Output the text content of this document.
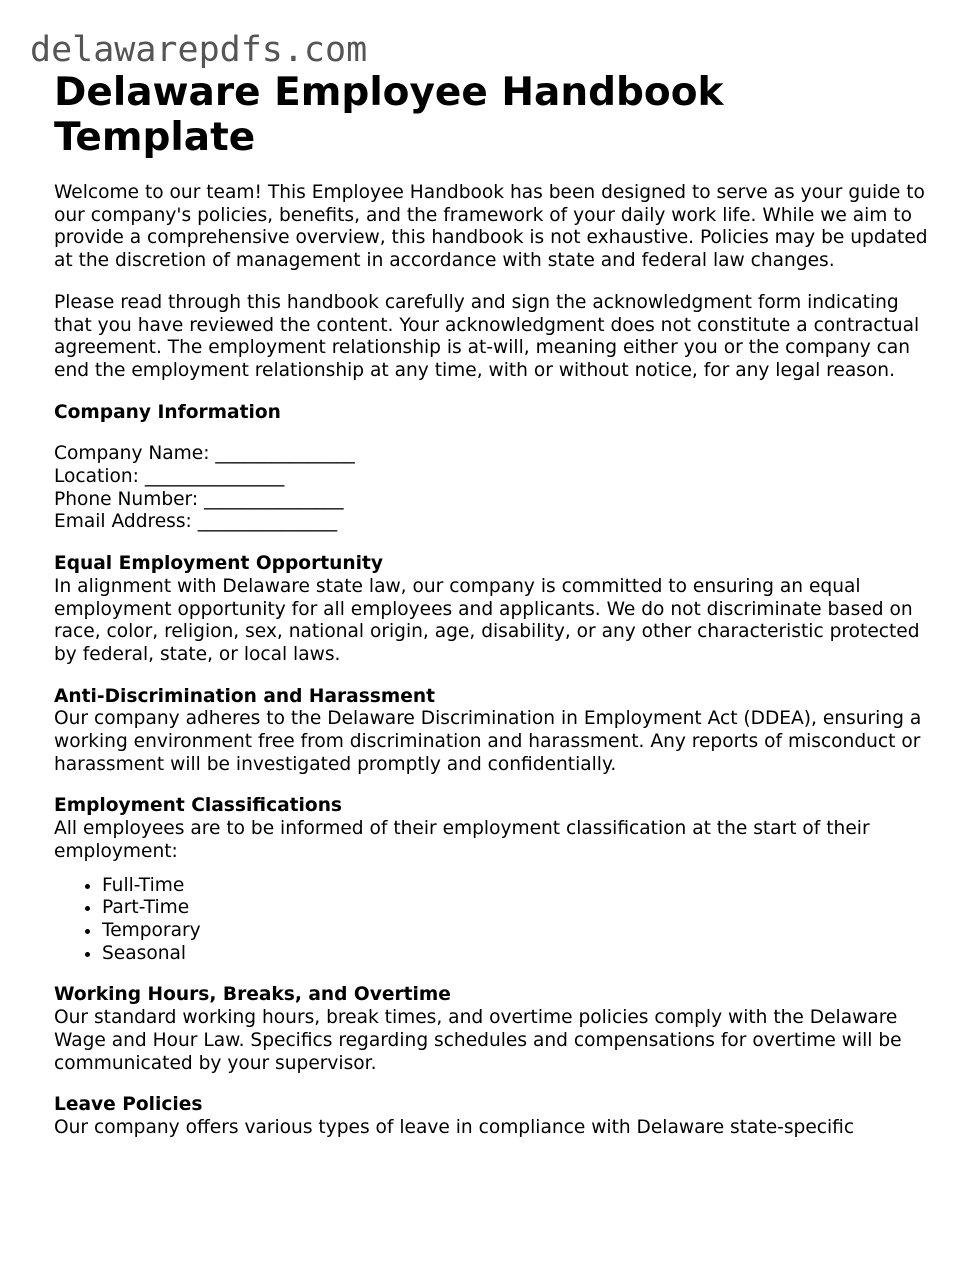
delawarepdfs.com
Delaware Employee Handbook Template

Welcome to our team! This Employee Handbook has been designed to serve as your guide to our company's policies, benefits, and the framework of your daily work life. While we aim to provide a comprehensive overview, this handbook is not exhaustive. Policies may be updated at the discretion of management in accordance with state and federal law changes.

Please read through this handbook carefully and sign the acknowledgment form indicating that you have reviewed the content. Your acknowledgment does not constitute a contractual agreement. The employment relationship is at-will, meaning either you or the company can end the employment relationship at any time, with or without notice, for any legal reason.

Company Information

Company Name: _______________
Location: _______________
Phone Number: _______________
Email Address: _______________

Equal Employment Opportunity
In alignment with Delaware state law, our company is committed to ensuring an equal employment opportunity for all employees and applicants. We do not discriminate based on race, color, religion, sex, national origin, age, disability, or any other characteristic protected by federal, state, or local laws.

Anti-Discrimination and Harassment
Our company adheres to the Delaware Discrimination in Employment Act (DDEA), ensuring a working environment free from discrimination and harassment. Any reports of misconduct or harassment will be investigated promptly and confidentially.

Employment Classifications
All employees are to be informed of their employment classification at the start of their employment:

• Full-Time
• Part-Time
• Temporary
• Seasonal

Working Hours, Breaks, and Overtime
Our standard working hours, break times, and overtime policies comply with the Delaware Wage and Hour Law. Specifics regarding schedules and compensations for overtime will be communicated by your supervisor.

Leave Policies
Our company offers various types of leave in compliance with Delaware state-specific
